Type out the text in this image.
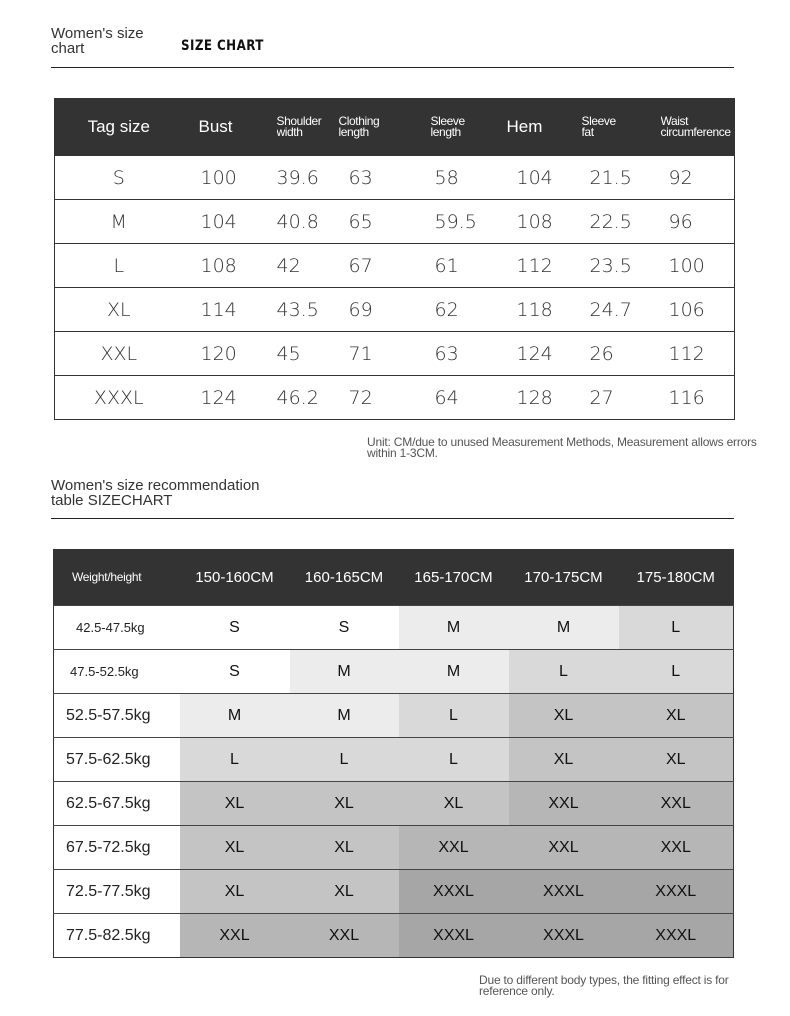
Women's size chart	SIZE CHART
Tag size	Bust	Shoulder width	Clothing length	Sleeve length	Hem	Sleeve fat	Waist circumference

S	100	39.6	63	58	104	21.5	92
M	104	40.8	65	59.5	108	22.5	96
L	108	42	67	61	112	23.5	100
XL	114	43.5	69	62	118	24.7	106
XXL	120	45	71	63	124	26	112
XXXL	124	46.2	72	64	128	27	116
Unit: CM/due to unused Measurement Methods, Measurement allows errors within 1-3CM.
Women's size recommendation table SIZECHART
Weight/height	150-160CM	160-165CM	165-170CM	170-175CM	175-180CM
42.5-47.5kg	S	S	M	M	L
47.5-52.5kg	S	M	M	L	L
52.5-57.5kg	M	M	L	XL	XL
57.5-62.5kg	L	L	L	XL	XL
62.5-67.5kg	XL	XL	XL	XXL	XXL
67.5-72.5kg	XL	XL	XXL	XXL	XXL
72.5-77.5kg	XL	XL	XXXL	XXXL	XXXL
77.5-82.5kg	XXL	XXL	XXXL	XXXL	XXXL
Due to different body types, the fitting effect is for reference only.
